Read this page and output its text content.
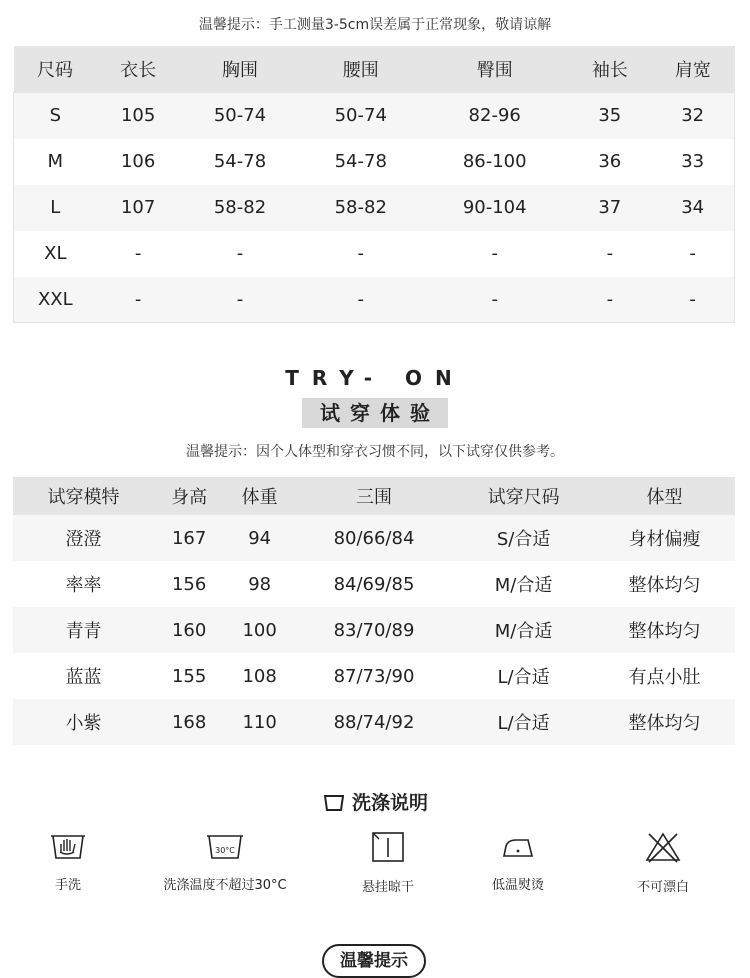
温馨提示：手工测量3-5cm误差属于正常现象，敬请谅解
尺码	衣长	胸围	腰围	臀围	袖长	肩宽
S	105	50-74	50-74	82-96	35	32
M	106	54-78	54-78	86-100	36	33
L	107	58-82	58-82	90-104	37	34
XL	-	-	-	-	-	-
XXL	-	-	-	-	-	-
TRY- ON
试穿体验
温馨提示：因个人体型和穿衣习惯不同，以下试穿仅供参考。
试穿模特	身高	体重	三围	试穿尺码	体型
澄澄	167	94	80/66/84	S/合适	身材偏瘦
率率	156	98	84/69/85	M/合适	整体均匀
青青	160	100	83/70/89	M/合适	整体均匀
蓝蓝	155	108	87/73/90	L/合适	有点小肚
小紫	168	110	88/74/92	L/合适	整体均匀
洗涤说明
手洗
30°C
洗涤温度不超过30°C	悬挂晾干	低温熨烫	不可漂白
温馨提示
